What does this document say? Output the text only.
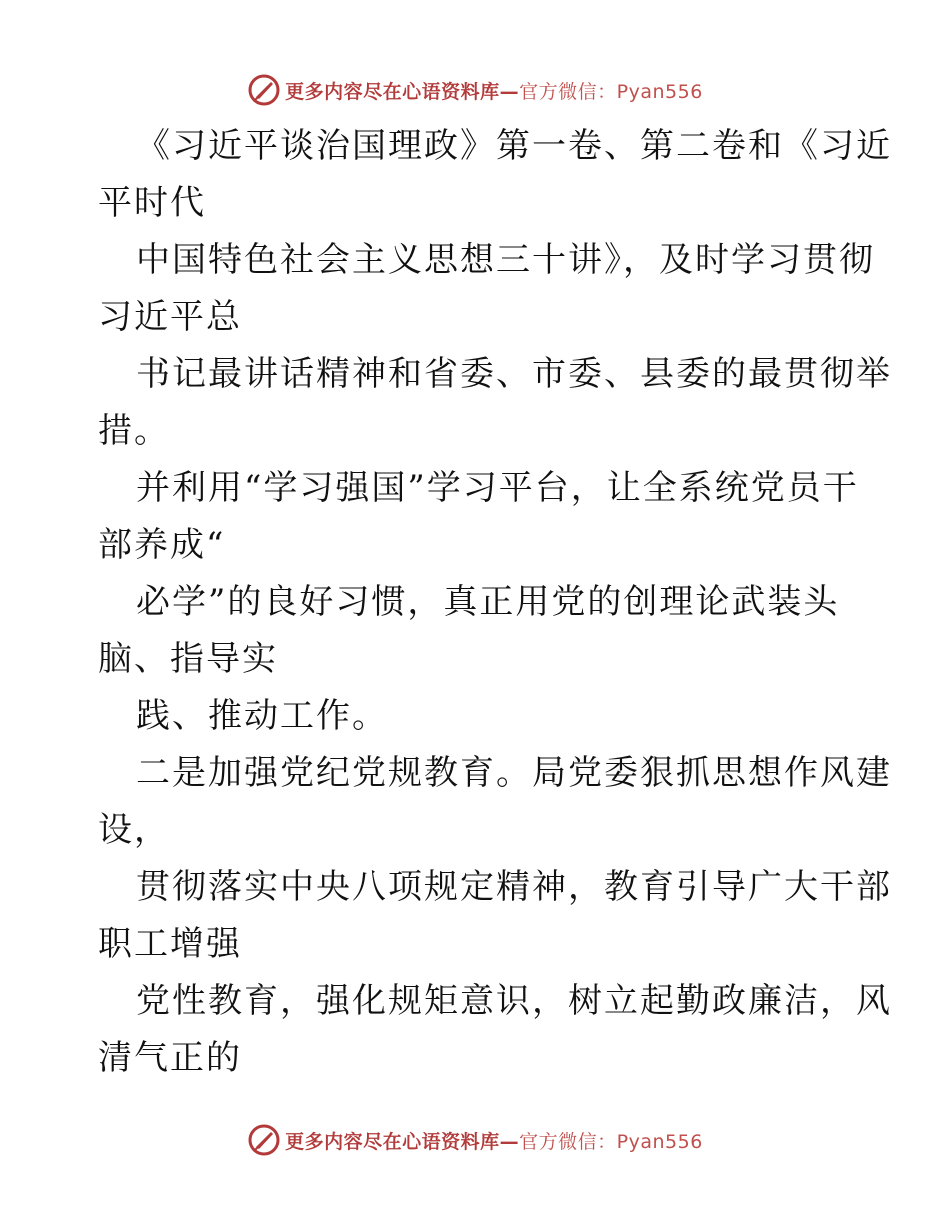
更多内容尽在心语资料库—官方微信：Pyan556
《习近平谈治国理政》第一卷、第二卷和《习近
平时代
中国特色社会主义思想三十讲》，及时学习贯彻
习近平总
书记最讲话精神和省委、市委、县委的最贯彻举
措。
并利用“学习强国”学习平台，让全系统党员干
部养成“
必学”的良好习惯，真正用党的创理论武装头
脑、指导实
践、推动工作。
二是加强党纪党规教育。局党委狠抓思想作风建
设，
贯彻落实中央八项规定精神，教育引导广大干部
职工增强
党性教育，强化规矩意识，树立起勤政廉洁，风
清气正的
更多内容尽在心语资料库—官方微信：Pyan556
